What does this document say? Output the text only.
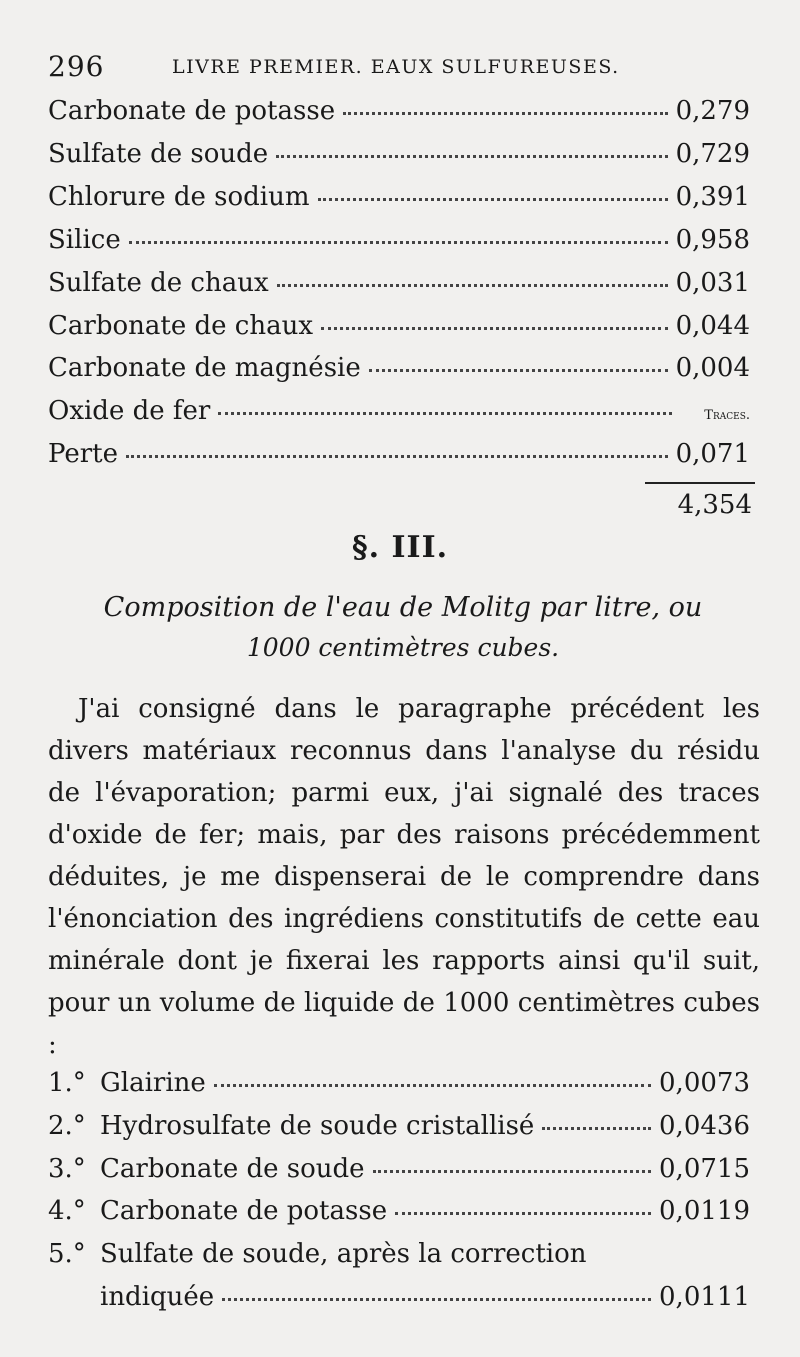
296	LIVRE PREMIER. EAUX SULFUREUSES.
Carbonate de potasse	0,279
Sulfate de soude	0,729
Chlorure de sodium	0,391
Silice	0,958
Sulfate de chaux	0,031
Carbonate de chaux	0,044
Carbonate de magnésie	0,004
Oxide de fer	Traces.
Perte	0,071
4,354
§. III.
Composition de l'eau de Molitg par litre, ou
1000 centimètres cubes.

J'ai consigné dans le paragraphe précédent les divers matériaux reconnus dans l'analyse du résidu de l'évaporation; parmi eux, j'ai signalé des traces d'oxide de fer; mais, par des raisons précédemment déduites, je me dispenserai de le comprendre dans l'énonciation des ingrédiens constitutifs de cette eau minérale dont je fixerai les rapports ainsi qu'il suit, pour un volume de liquide de 1000 centimètres cubes :

1.° Glairine	0,0073
2.° Hydrosulfate de soude cristallisé	0,0436
3.° Carbonate de soude	0,0715
4.° Carbonate de potasse	0,0119
5.° Sulfate de soude, après la correction
indiquée	0,0111
